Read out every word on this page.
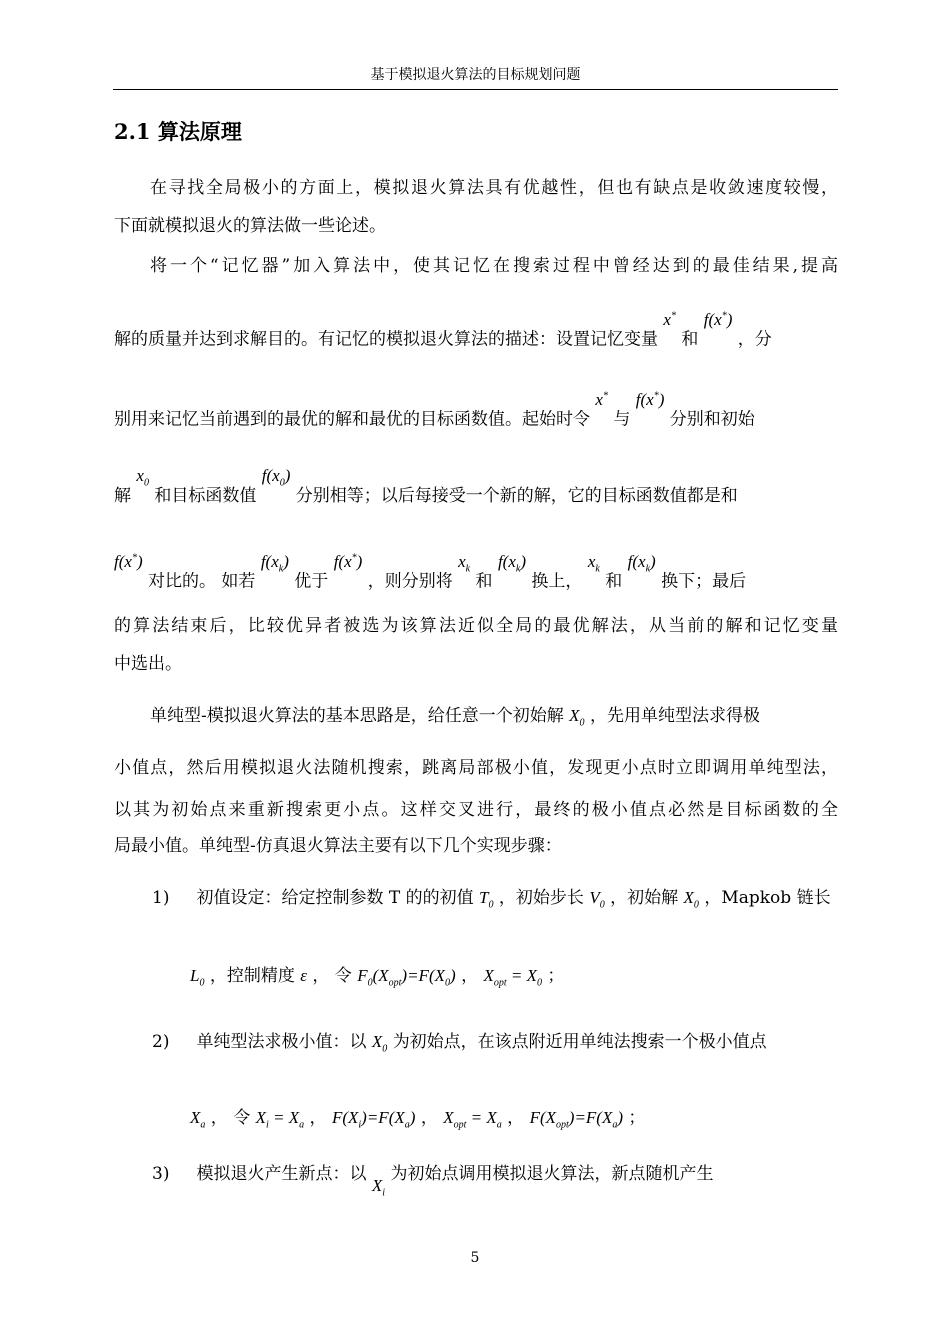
基于模拟退火算法的目标规划问题
2.1 算法原理
在寻找全局极小的方面上，模拟退火算法具有优越性，但也有缺点是收敛速度较慢，
下面就模拟退火的算法做一些论述。
将一个“记忆器”加入算法中，使其记忆在搜索过程中曾经达到的最佳结果,提高
解的质量并达到求解目的。有记忆的模拟退火算法的描述：设置记忆变量 x* 和 f(x*) ，分
别用来记忆当前遇到的最优的解和最优的目标函数值。起始时令 x* 与 f(x*) 分别和初始
解 $x_0$ 和目标函数值 $f(x_0)$ 分别相等；以后每接受一个新的解，它的目标函数值都是和
f(x*) 对比的。 如若 $f(x_k)$ 优于 f(x*) ，则分别将 $x_k$ 和 $f(x_k)$ 换上， $x_k$ 和 $f(x_k)$ 换下；最后
的算法结束后，比较优异者被选为该算法近似全局的最优解法，从当前的解和记忆变量
中选出。
单纯型-模拟退火算法的基本思路是，给任意一个初始解 $X_0$ ，先用单纯型法求得极
小值点，然后用模拟退火法随机搜索，跳离局部极小值，发现更小点时立即调用单纯型法，
以其为初始点来重新搜索更小点。这样交叉进行，最终的极小值点必然是目标函数的全
局最小值。单纯型-仿真退火算法主要有以下几个实现步骤：
1) 初值设定：给定控制参数 T 的的初值 $T_0$ ，初始步长 $V_0$ ，初始解 $X_0$ ，Mapkob 链长
$L_0$ ，控制精度 ε ， 令 $F_0(X_{opt})=F(X_0)$ ， $X_{opt} = X_0$ ；
2) 单纯型法求极小值：以 $X_0$ 为初始点，在该点附近用单纯法搜索一个极小值点
$X_a$ ， 令 $X_i = X_a$ ， $F(X_i)=F(X_a)$ ， $X_{opt} = X_a$ ， $F(X_{opt})=F(X_a)$ ；
3) 模拟退火产生新点：以 $X_i$ 为初始点调用模拟退火算法，新点随机产生
5
